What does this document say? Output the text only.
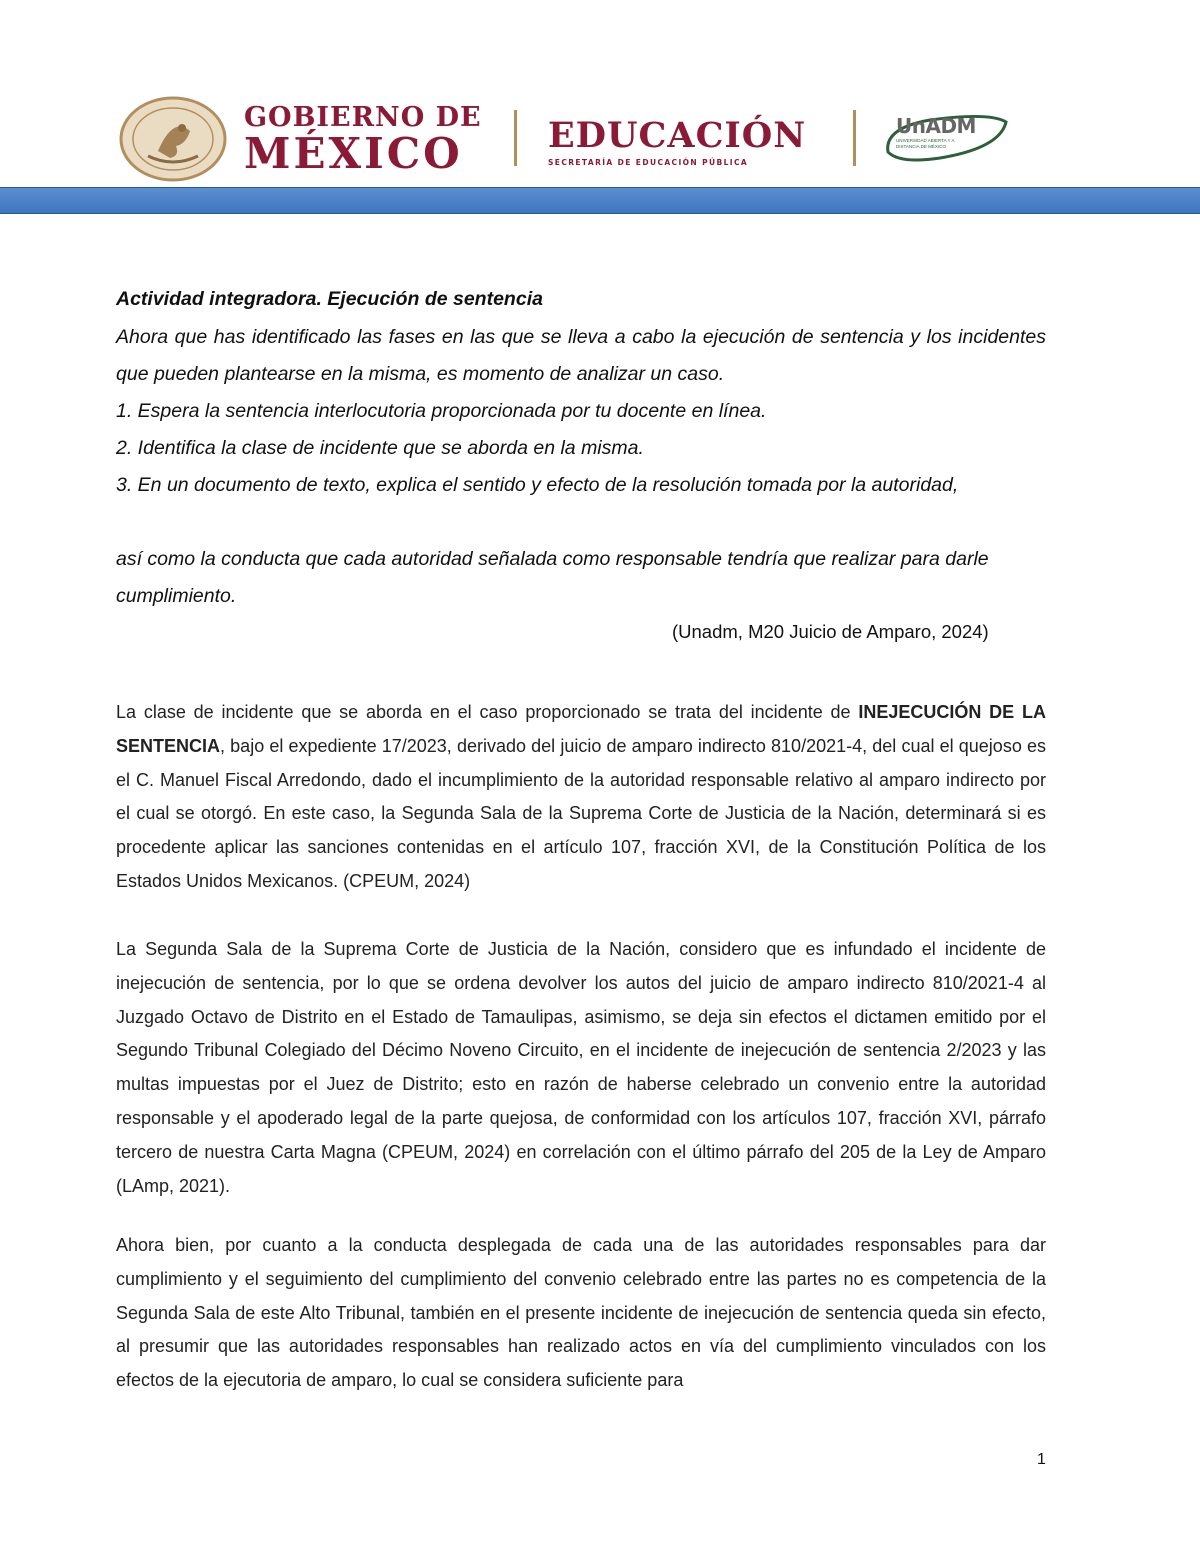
GOBIERNO DE
MÉXICO	EDUCACIÓN
SECRETARÍA DE EDUCACIÓN PÚBLICA
UnADM
UNIVERSIDAD ABIERTA Y A DISTANCIA DE MÉXICO

Actividad integradora. Ejecución de sentencia

Ahora que has identificado las fases en las que se lleva a cabo la ejecución de sentencia y los incidentes que pueden plantearse en la misma, es momento de analizar un caso.

1. Espera la sentencia interlocutoria proporcionada por tu docente en línea.

2. Identifica la clase de incidente que se aborda en la misma.

3. En un documento de texto, explica el sentido y efecto de la resolución tomada por la autoridad,

así como la conducta que cada autoridad señalada como responsable tendría que realizar para darle cumplimiento.

(Unadm, M20 Juicio de Amparo, 2024)

La clase de incidente que se aborda en el caso proporcionado se trata del incidente de INEJECUCIÓN DE LA SENTENCIA, bajo el expediente 17/2023, derivado del juicio de amparo indirecto 810/2021-4, del cual el quejoso es el C. Manuel Fiscal Arredondo, dado el incumplimiento de la autoridad responsable relativo al amparo indirecto por el cual se otorgó. En este caso, la Segunda Sala de la Suprema Corte de Justicia de la Nación, determinará si es procedente aplicar las sanciones contenidas en el artículo 107, fracción XVI, de la Constitución Política de los Estados Unidos Mexicanos. (CPEUM, 2024)

La Segunda Sala de la Suprema Corte de Justicia de la Nación, considero que es infundado el incidente de inejecución de sentencia, por lo que se ordena devolver los autos del juicio de amparo indirecto 810/2021-4 al Juzgado Octavo de Distrito en el Estado de Tamaulipas, asimismo, se deja sin efectos el dictamen emitido por el Segundo Tribunal Colegiado del Décimo Noveno Circuito, en el incidente de inejecución de sentencia 2/2023 y las multas impuestas por el Juez de Distrito; esto en razón de haberse celebrado un convenio entre la autoridad responsable y el apoderado legal de la parte quejosa, de conformidad con los artículos 107, fracción XVI, párrafo tercero de nuestra Carta Magna (CPEUM, 2024) en correlación con el último párrafo del 205 de la Ley de Amparo (LAmp, 2021).

Ahora bien, por cuanto a la conducta desplegada de cada una de las autoridades responsables para dar cumplimiento y el seguimiento del cumplimiento del convenio celebrado entre las partes no es competencia de la Segunda Sala de este Alto Tribunal, también en el presente incidente de inejecución de sentencia queda sin efecto, al presumir que las autoridades responsables han realizado actos en vía del cumplimiento vinculados con los efectos de la ejecutoria de amparo, lo cual se considera suficiente para

1
